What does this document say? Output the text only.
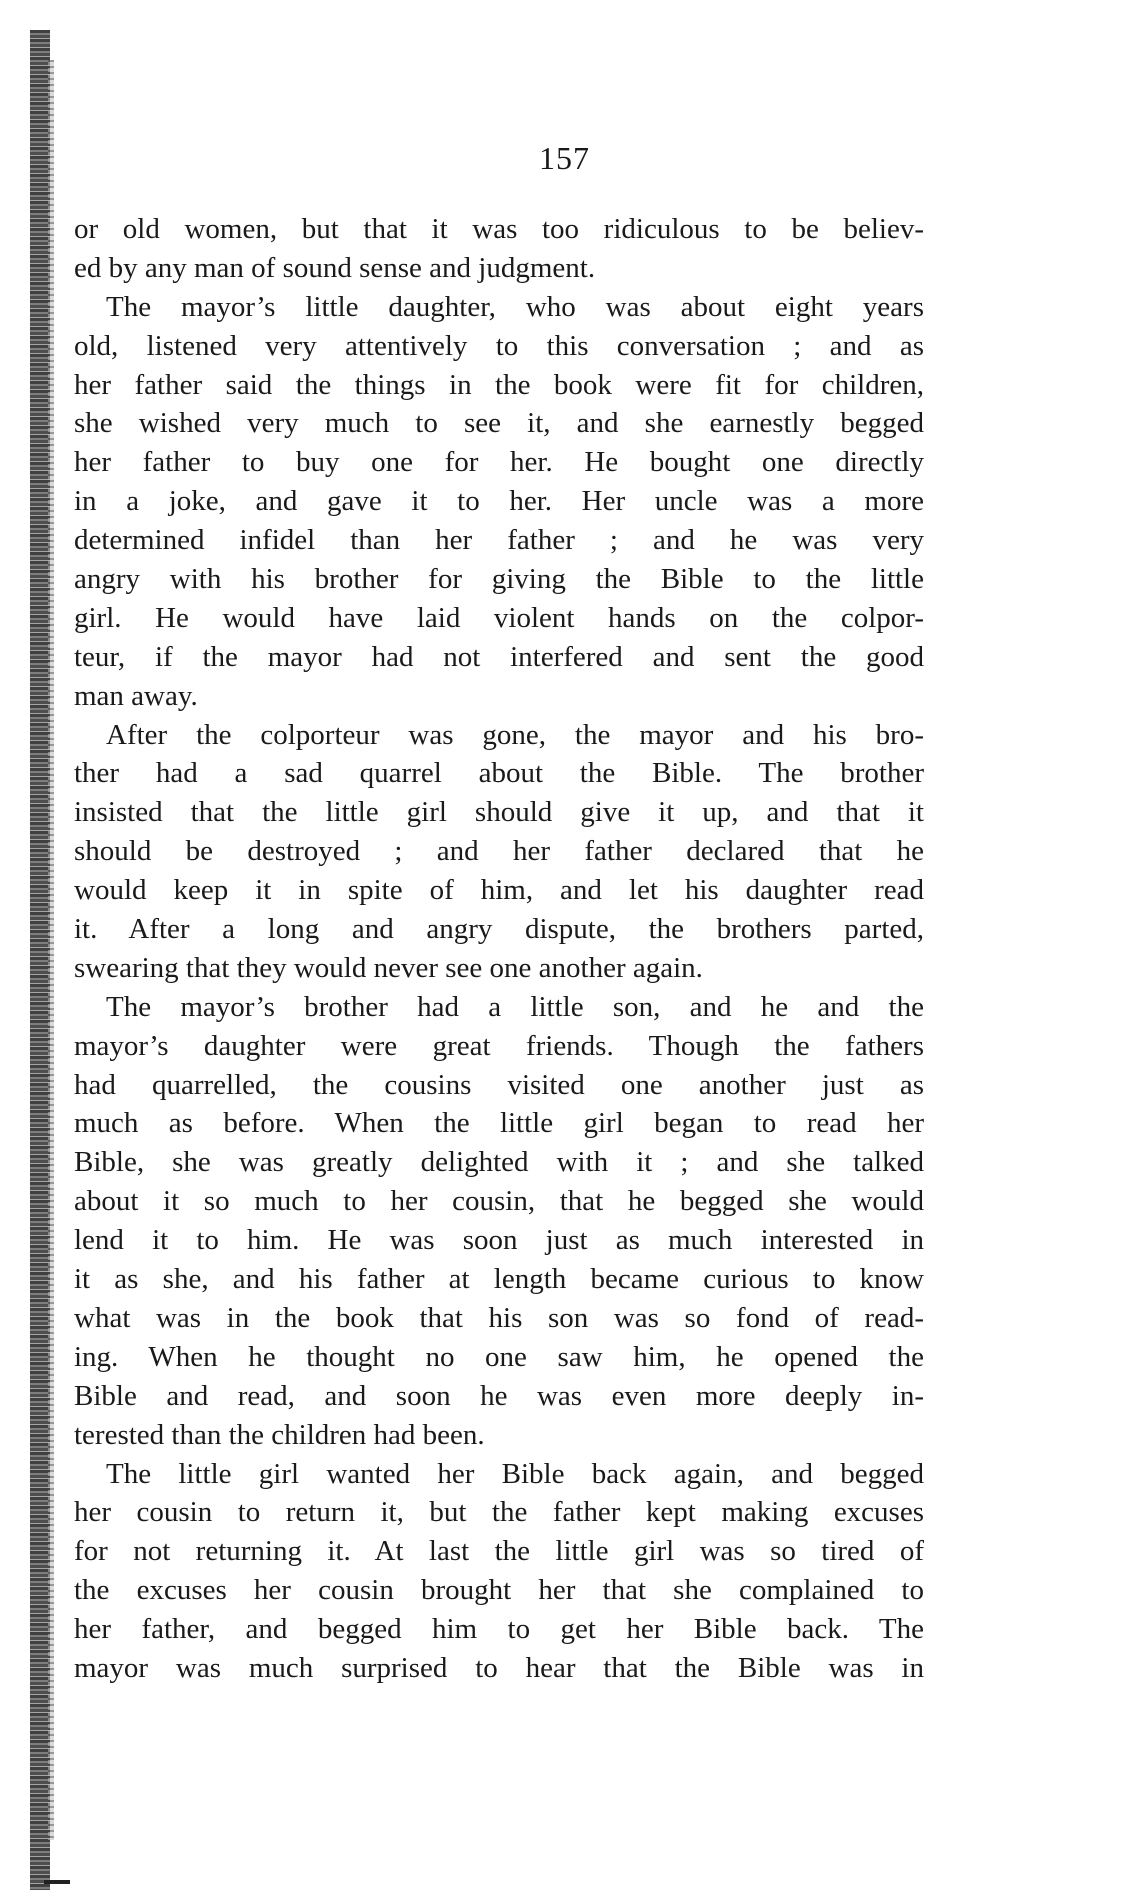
157
or old women, but that it was too ridiculous to be believ-
ed by any man of sound sense and judgment.
The mayor’s little daughter, who was about eight years
old, listened very attentively to this conversation ; and as
her father said the things in the book were fit for children,
she wished very much to see it, and she earnestly begged
her father to buy one for her. He bought one directly
in a joke, and gave it to her. Her uncle was a more
determined infidel than her father ; and he was very
angry with his brother for giving the Bible to the little
girl. He would have laid violent hands on the colpor-
teur, if the mayor had not interfered and sent the good
man away.
After the colporteur was gone, the mayor and his bro-
ther had a sad quarrel about the Bible. The brother
insisted that the little girl should give it up, and that it
should be destroyed ; and her father declared that he
would keep it in spite of him, and let his daughter read
it. After a long and angry dispute, the brothers parted,
swearing that they would never see one another again.
The mayor’s brother had a little son, and he and the
mayor’s daughter were great friends. Though the fathers
had quarrelled, the cousins visited one another just as
much as before. When the little girl began to read her
Bible, she was greatly delighted with it ; and she talked
about it so much to her cousin, that he begged she would
lend it to him. He was soon just as much interested in
it as she, and his father at length became curious to know
what was in the book that his son was so fond of read-
ing. When he thought no one saw him, he opened the
Bible and read, and soon he was even more deeply in-
terested than the children had been.
The little girl wanted her Bible back again, and begged
her cousin to return it, but the father kept making excuses
for not returning it. At last the little girl was so tired of
the excuses her cousin brought her that she complained to
her father, and begged him to get her Bible back. The
mayor was much surprised to hear that the Bible was in
